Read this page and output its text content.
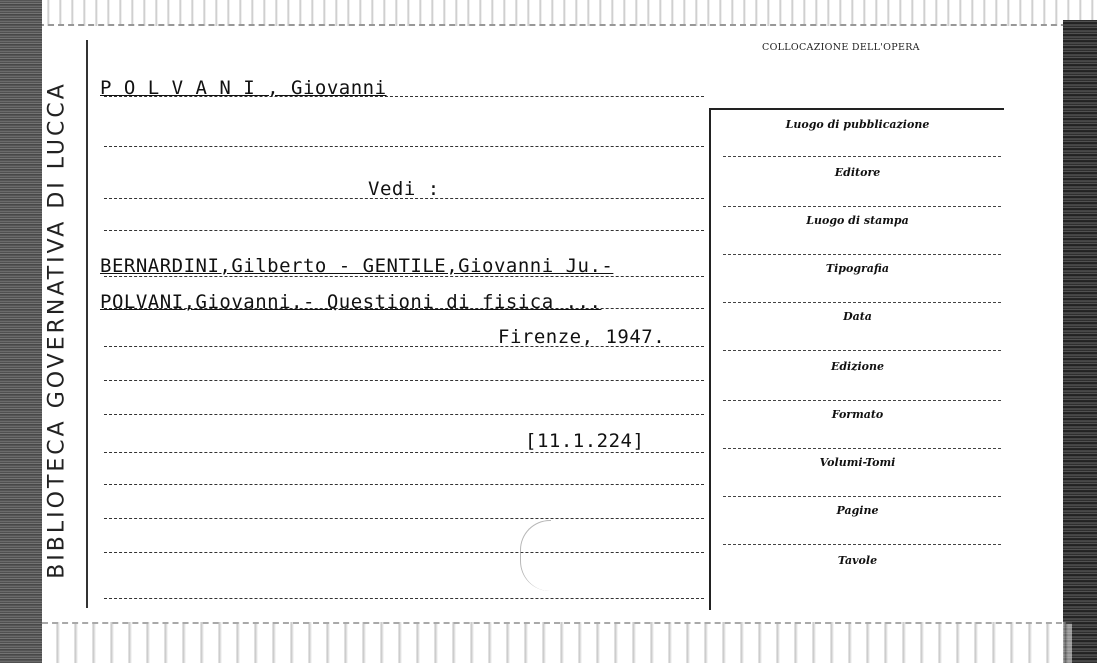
BIBLIOTECA GOVERNATIVA DI LUCCA
COLLOCAZIONE DELL'OPERA
P O L V A N I , Giovanni
Vedi :
BERNARDINI,Gilberto - GENTILE,Giovanni Ju.-
POLVANI,Giovanni.- Questioni di fisica ...
Firenze, 1947.
[11.1.224]
Luogo di pubblicazione
Editore
Luogo di stampa
Tipografia
Data
Edizione
Formato
Volumi-Tomi
Pagine
Tavole
